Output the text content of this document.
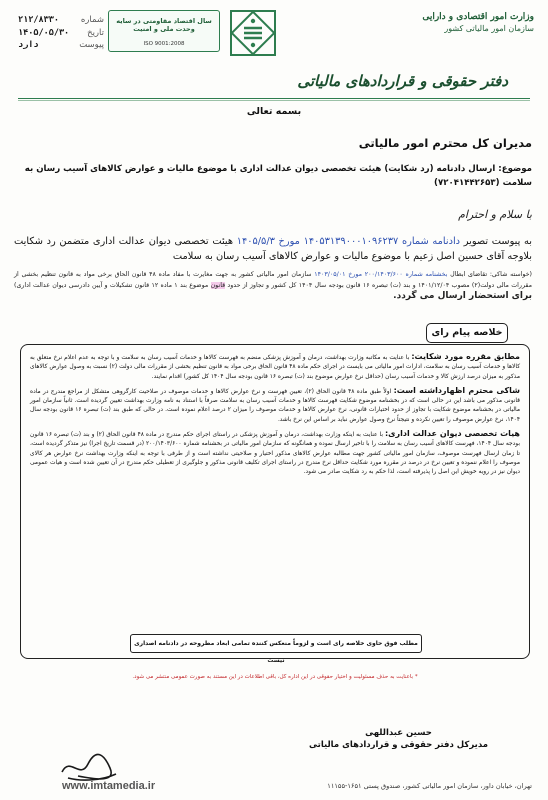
شماره
۲۱۲/۸۳۳۰
تاریخ
۱۴۰۵/۰۵/۳۰
پیوست
دارد
سال اقتصاد مقاومتی در سایه وحدت ملی و امنیت
ISO 9001:2008
وزارت امور اقتصادی و دارایی
سازمان امور مالیاتی کشور
دفتر حقوقی و قراردادهای مالیاتی
بسمه تعالی
مدیران کل محترم امور مالیاتی
موضوع: ارسال دادنامه (رد شکایت) هیئت تخصصی دیوان عدالت اداری با موضوع مالیات و عوارض کالاهای آسیب رسان به سلامت (۷۲۰۴۱۴۴۲۶۵۳)
با سلام و احترام
به پیوست تصویر دادنامه شماره ۱۴۰۵۳۱۳۹۰۰۰۱۰۹۶۲۳۷ مورخ ۱۴۰۵/۵/۳ هیئت تخصصی دیوان عدالت اداری متضمن رد شکایت بلاوجه آقای حسین اصل زعیم با موضوع مالیات و عوارض کالاهای آسیب رسان به سلامت
(خواسته شاکی: تقاضای ابطال بخشنامه شماره ۲۰۰/۱۴۰۳/۶۰۰ مورخ ۱۴۰۳/۰۵/۰۱ سازمان امور مالیاتی کشور به جهت مغایرت با مفاد ماده ۴۸ قانون الحاق برخی مواد به قانون تنظیم بخشی از مقررات مالی دولت(۲) مصوب ۱۴۰۱/۱۲/۰۴ و بند (ت) تبصره ۱۶ قانون بودجه سال ۱۴۰۴ کل کشور و تجاوز از حدود قانون موضوع بند ۱ ماده ۱۲ قانون تشکیلات و آیین دادرسی دیوان عدالت اداری) برای استحضار ارسال می گردد.
خلاصه پیام رای

مطابق مقرره مورد شکایت: با عنایت به مکاتبه وزارت بهداشت، درمان و آموزش پزشکی منضم به فهرست کالاها و خدمات آسیب رسان به سلامت و با توجه به عدم اعلام نرخ متعلق به کالاها و خدمات آسیب رسان به سلامت، ادارات امور مالیاتی می بایست در اجرای حکم ماده ۴۸ قانون الحاق برخی مواد به قانون تنظیم بخشی از مقررات مالی دولت (۲) نسبت به وصول عوارض کالاهای مذکور به میزان درصد ارزش کالا و خدمات آسیب رسان (حداقل نرخ عوارض موضوع بند (ت) تبصره ۱۶ قانون بودجه سال ۱۴۰۴ کل کشور) اقدام نمایند.

شاکی محترم اظهارداشته است: اولاً طبق ماده ۴۸ قانون الحاق (۲)، تعیین فهرست و نرخ عوارض کالاها و خدمات موصوف در صلاحیت کارگروهی متشکل از مراجع مندرج در ماده قانونی مذکور می باشد این در حالی است که در بخشنامه موضوع شکایت فهرست کالاها و خدمات آسیب رسان به سلامت صرفاً با استناد به نامه وزارت بهداشت تعیین گردیده است. ثانیاً سازمان امور مالیاتی در بخشنامه موضوع شکایت با تجاوز از حدود اختیارات قانونی، نرخ عوارض کالاها و خدمات موصوف را میزان ۲ درصد اعلام نموده است. در حالی که طبق بند (ت) تبصره ۱۶ قانون بودجه سال ۱۴۰۴، نرخ عوارض موصوف را تعیین نکرده و نتیجتاً نرخ وصول عوارض نباید بر اساس این نرخ باشد.

هیات تخصصی دیوان عدالت اداری: با عنایت به اینکه وزارت بهداشت، درمان و آموزش پزشکی در راستای اجرای حکم مندرج در ماده ۴۸ قانون الحاق (۲) و بند (ت) تبصره ۱۶ قانون بودجه سال ۱۴۰۴، فهرست کالاهای آسیب رسان به سلامت را با تاخیر ارسال نموده و همانگونه که سازمان امور مالیاتی در بخشنامه شماره ۲۰۰/۱۴۰۳/۶۰۰ (در قسمت تاریخ اجرا) نیز متذکر گردیده است، تا زمان ارسال فهرست موصوف، سازمان امور مالیاتی کشور جهت مطالبه عوارض کالاهای مذکور اختیار و صلاحیتی نداشته است و از طرفی با توجه به اینکه وزارت بهداشت نرخ عوارض هر کالای موصوف را اعلام ننموده و تعیین نرخ در درصد در مقرره مورد شکایت حداقل نرخ مندرج در راستای اجرای تکلیف قانونی مذکور و جلوگیری از تعطیلی حکم مندرج در آن تعیین شده است و هیات عمومی دیوان نیز در رویه خویش این اصل را پذیرفته است، لذا حکم به رد شکایت صادر می شود.

مطلب فوق حاوی خلاصه رای است و لزوماً منعکس کننده تمامی ابعاد مطروحه در دادنامه اصداری نیست
* باعنایت به حذف مسئولیت و اختیار حقوقی در این اداره کل، باقی اطلاعات در این مستند به صورت عمومی منتشر می شود.
حسین عبداللهی
مدیرکل دفتر حقوقی و قراردادهای مالیاتی
www.imtamedia.ir	تهران، خیابان داور، سازمان امور مالیاتی کشور، صندوق پستی ۱۶۵۱-۱۱۱۵۵
